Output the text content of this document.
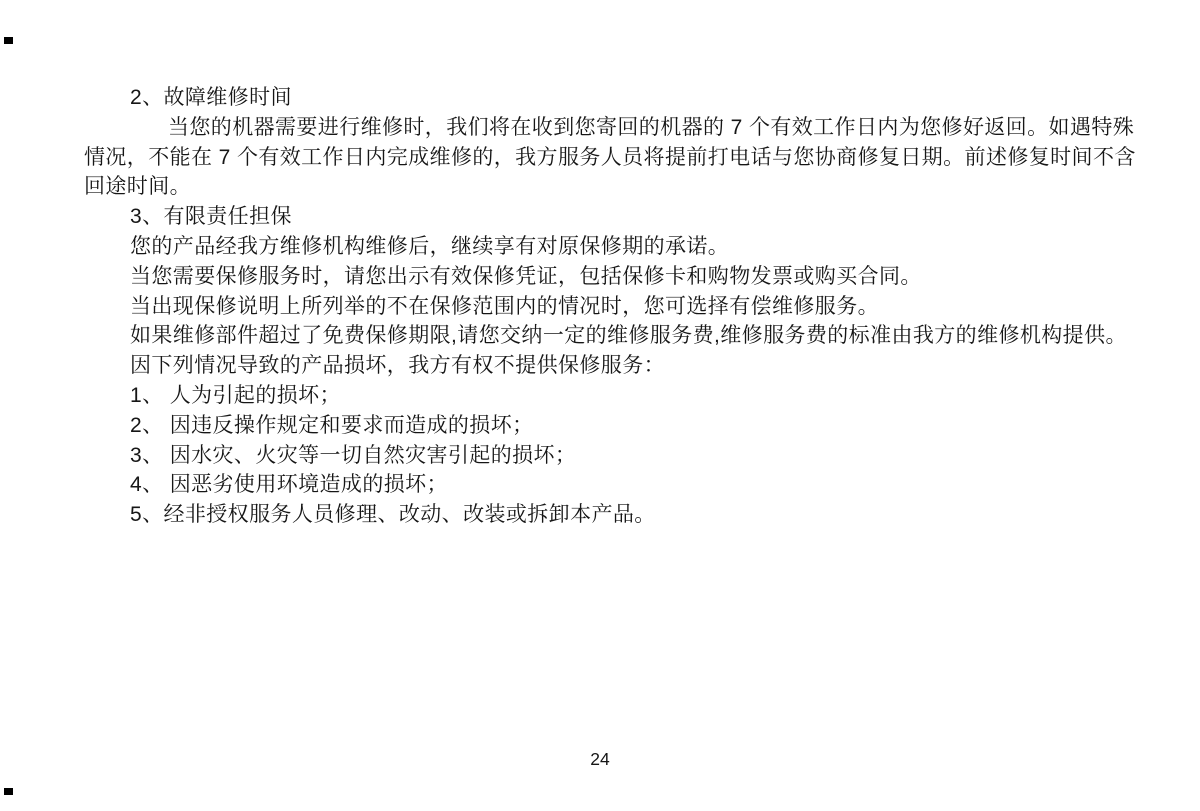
2、故障维修时间
当您的机器需要进行维修时，我们将在收到您寄回的机器的 7 个有效工作日内为您修好返回。如遇特殊
情况，不能在 7 个有效工作日内完成维修的，我方服务人员将提前打电话与您协商修复日期。前述修复时间不含
回途时间。
3、有限责任担保
您的产品经我方维修机构维修后，继续享有对原保修期的承诺。
当您需要保修服务时，请您出示有效保修凭证，包括保修卡和购物发票或购买合同。
当出现保修说明上所列举的不在保修范围内的情况时，您可选择有偿维修服务。
如果维修部件超过了免费保修期限,请您交纳一定的维修服务费,维修服务费的标准由我方的维修机构提供。
因下列情况导致的产品损坏，我方有权不提供保修服务：
1、 人为引起的损坏；
2、 因违反操作规定和要求而造成的损坏；
3、 因水灾、火灾等一切自然灾害引起的损坏；
4、 因恶劣使用环境造成的损坏；
5、经非授权服务人员修理、改动、改装或拆卸本产品。
24
